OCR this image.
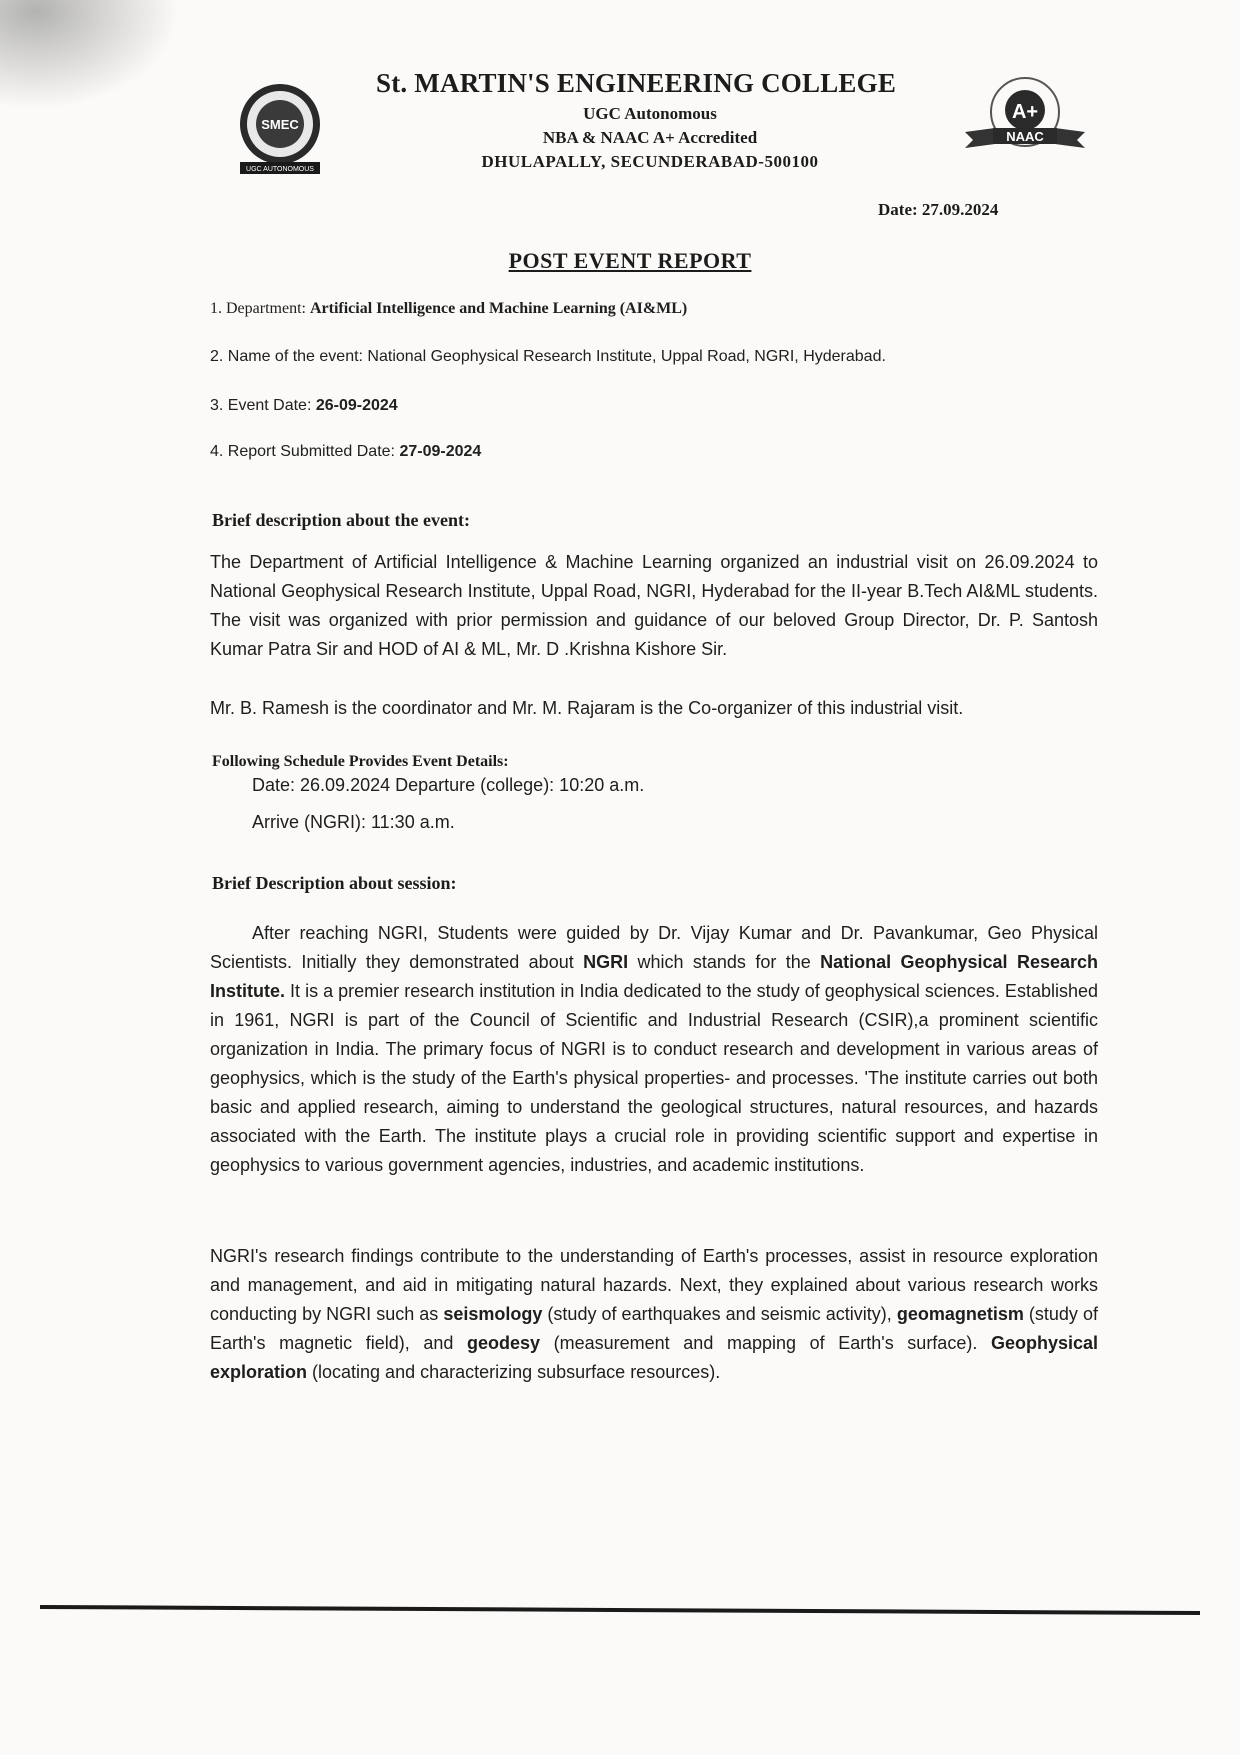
SMEC
UGC AUTONOMOUS
St. MARTIN'S ENGINEERING COLLEGE
UGC Autonomous
NBA & NAAC A+ Accredited
DHULAPALLY, SECUNDERABAD-500100
A+
NAAC
Date: 27.09.2024
POST EVENT REPORT
1. Department: Artificial Intelligence and Machine Learning (AI&ML)
2. Name of the event: National Geophysical Research Institute, Uppal Road, NGRI, Hyderabad.
3. Event Date: 26-09-2024
4. Report Submitted Date: 27-09-2024
Brief description about the event:
The Department of Artificial Intelligence & Machine Learning organized an industrial visit on 26.09.2024 to National Geophysical Research Institute, Uppal Road, NGRI, Hyderabad for the II-year B.Tech AI&ML students. The visit was organized with prior permission and guidance of our beloved Group Director, Dr. P. Santosh Kumar Patra Sir and HOD of AI & ML, Mr. D .Krishna Kishore Sir.
Mr. B. Ramesh is the coordinator and Mr. M. Rajaram is the Co-organizer of this industrial visit.
Following Schedule Provides Event Details:
Date: 26.09.2024 Departure (college): 10:20 a.m.
Arrive (NGRI): 11:30 a.m.
Brief Description about session:
After reaching NGRI, Students were guided by Dr. Vijay Kumar and Dr. Pavankumar, Geo Physical Scientists. Initially they demonstrated about NGRI which stands for the National Geophysical Research Institute. It is a premier research institution in India dedicated to the study of geophysical sciences. Established in 1961, NGRI is part of the Council of Scientific and Industrial Research (CSIR),a prominent scientific organization in India. The primary focus of NGRI is to conduct research and development in various areas of geophysics, which is the study of the Earth's physical properties- and processes. 'The institute carries out both basic and applied research, aiming to understand the geological structures, natural resources, and hazards associated with the Earth. The institute plays a crucial role in providing scientific support and expertise in geophysics to various government agencies, industries, and academic institutions.
NGRI's research findings contribute to the understanding of Earth's processes, assist in resource exploration and management, and aid in mitigating natural hazards. Next, they explained about various research works conducting by NGRI such as seismology (study of earthquakes and seismic activity), geomagnetism (study of Earth's magnetic field), and geodesy (measurement and mapping of Earth's surface). Geophysical exploration (locating and characterizing subsurface resources).
